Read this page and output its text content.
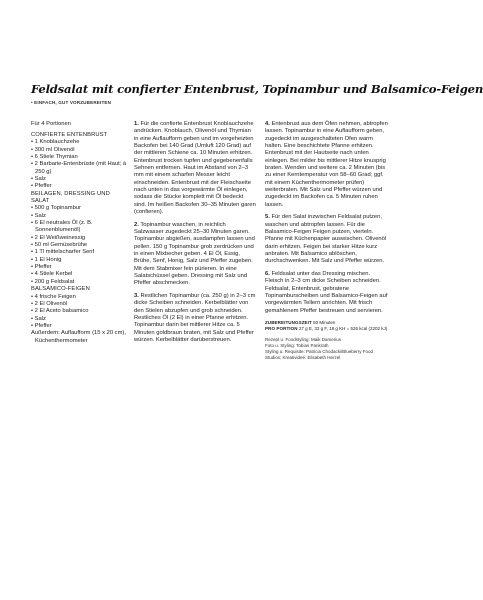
Feldsalat mit confierter Entenbrust, Topinambur und Balsamico-Feigen
• EINFACH, GUT VORZUBEREITEN
Für 4 Portionen
CONFIERTE ENTENBRUST
• 1 Knoblauchzehe
• 300 ml Olivenöl
• 6 Stiele Thymian
• 2 Barbarie-Entenbrüste (mit Haut; à 250 g)
• Salz
• Pfeffer
BEILAGEN, DRESSING UND SALAT
• 500 g Topinambur
• Salz
• 6 El neutrales Öl (z. B. Sonnenblumenöl)
• 2 El Weißweinessig
• 50 ml Gemüsebrühe
• 1 Tl mittelscharfer Senf
• 1 El Honig
• Pfeffer
• 4 Stiele Kerbel
• 200 g Feldsalat
BALSAMICO-FEIGEN
• 4 frische Feigen
• 2 El Olivenöl
• 2 El Aceto balsamico
• Salz
• Pfeffer
Außerdem: Auflaufform (15 x 20 cm), Küchenthermometer

1. Für die confierte Entenbrust Knoblauchzehe andrücken. Knoblauch, Olivenöl und Thymian in eine Auflaufform geben und im vorgeheizten Backofen bei 140 Grad (Umluft 120 Grad) auf der mittleren Schiene ca. 10 Minuten erhitzen. Entenbrust trocken tupfen und gegebenenfalls Sehnen entfernen. Haut im Abstand von 2–3 mm mit einem scharfen Messer leicht einschneiden. Entenbrust mit der Fleischseite nach unten in das vorgewärmte Öl einlegen, sodass die Stücke komplett mit Öl bedeckt sind. Im heißen Backofen 30–35 Minuten garen (confieren).

2. Topinambur waschen, in reichlich Salzwasser zugedeckt 25–30 Minuten garen. Topinambur abgießen, ausdampfen lassen und pellen. 150 g Topinambur grob zerdrücken und in einen Mixbecher geben. 4 El Öl, Essig, Brühe, Senf, Honig, Salz und Pfeffer zugeben. Mit dem Stabmixer fein pürieren. In eine Salatschüssel geben. Dressing mit Salz und Pfeffer abschmecken.

3. Restlichen Topinambur (ca. 250 g) in 2–3 cm dicke Scheiben schneiden. Kerbelblätter von den Stielen abzupfen und grob schneiden. Restliches Öl (2 El) in einer Pfanne erhitzen. Topinambur darin bei mittlerer Hitze ca. 5 Minuten goldbraun braten, mit Salz und Pfeffer würzen. Kerbelblätter darüberstreuen.

4. Entenbrust aus dem Öfen nehmen, abtropfen lassen. Topinambur in eine Auflaufform geben, zugedeckt im ausgeschalteten Ofen warm halten. Eine beschichtete Pfanne erhitzen. Entenbrust mit der Hautseite nach unten einlegen. Bei milder bis mittlerer Hitze knusprig braten. Wenden und weitere ca. 2 Minuten (bis zu einer Kerntemperatur von 58–60 Grad; ggf. mit einem Küchenthermometer prüfen) weiterbraten. Mit Salz und Pfeffer würzen und zugedeckt im Backofen ca. 5 Minuten ruhen lassen.

5. Für den Salat inzwischen Feldsalat putzen, waschen und abtropfen lassen. Für die Balsamico-Feigen Feigen putzen, vierteln. Pfanne mit Küchenpapier auswischen. Olivenöl darin erhitzen. Feigen bei starker Hitze kurz anbraten. Mit Balsamico ablöschen, durchschwenken. Mit Salz und Pfeffer würzen.

6. Feldsalat unter das Dressing mischen. Fleisch in 2–3 cm dicke Scheiben schneiden. Feldsalat, Entenbrust, gebratene Topinamburscheiben und Balsamico-Feigen auf vorgewärmten Tellern anrichten. Mit frisch gemahlenem Pfeffer bestreuen und servieren.

ZUBEREITUNGSZEIT 50 Minuten
PRO PORTION 27 g E, 33 g F, 18 g KH = 526 kcal (2202 kJ)
Rezept u. Foodstyling: Maik Damerius
Foto u. Styling: Tobias Pankrath
Styling u. Requisite: Patricia Chodacki/Blueberry Food
Studios; Kreativideé: Elisabeth Herzel
